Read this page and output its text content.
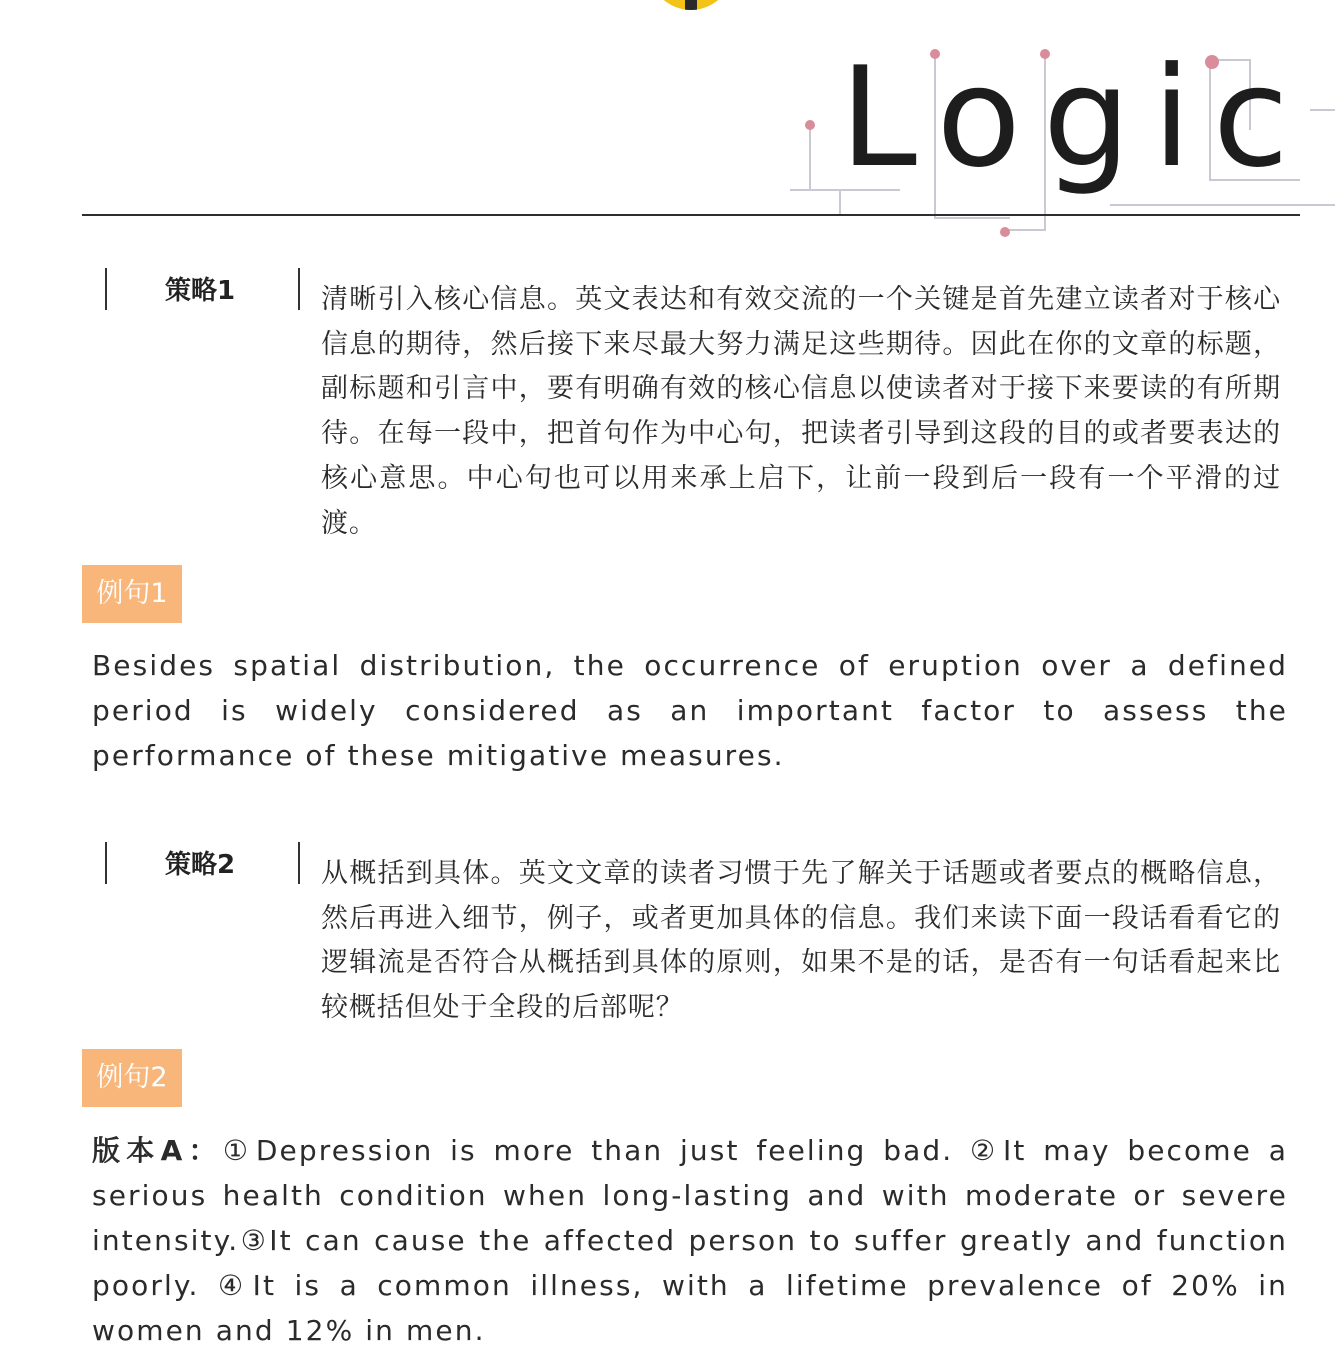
Logic
策略1	清晰引入核心信息。英文表达和有效交流的一个关键是首先建立读者对于核心信息的期待，然后接下来尽最大努力满足这些期待。因此在你的文章的标题，副标题和引言中，要有明确有效的核心信息以使读者对于接下来要读的有所期待。在每一段中，把首句作为中心句，把读者引导到这段的目的或者要表达的核心意思。中心句也可以用来承上启下，让前一段到后一段有一个平滑的过渡。
例句1
Besides spatial distribution, the occurrence of eruption over a defined period is widely considered as an important factor to assess the performance of these mitigative measures.
策略2	从概括到具体。英文文章的读者习惯于先了解关于话题或者要点的概略信息，然后再进入细节，例子，或者更加具体的信息。我们来读下面一段话看看它的逻辑流是否符合从概括到具体的原则，如果不是的话，是否有一句话看起来比较概括但处于全段的后部呢？
例句2
版本A：①Depression is more than just feeling bad. ②It may become a serious health condition when long-lasting and with moderate or severe intensity.③It can cause the affected person to suffer greatly and function poorly. ④It is a common illness, with a lifetime prevalence of 20% in women and 12% in men.
